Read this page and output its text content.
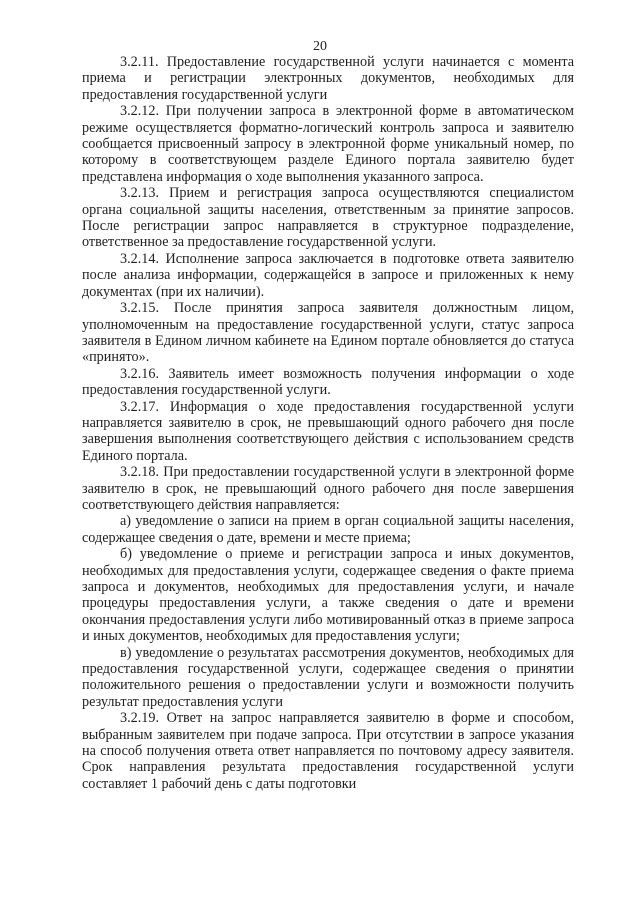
20

3.2.11. Предоставление государственной услуги начинается с момента приема и регистрации электронных документов, необходимых для предоставления государственной услуги

3.2.12. При получении запроса в электронной форме в автоматическом режиме осуществляется форматно-логический контроль запроса и заявителю сообщается присвоенный запросу в электронной форме уникальный номер, по которому в соответствующем разделе Единого портала заявителю будет представлена информация о ходе выполнения указанного запроса.

3.2.13. Прием и регистрация запроса осуществляются специалистом органа социальной защиты населения, ответственным за принятие запросов. После регистрации запрос направляется в структурное подразделение, ответственное за предоставление государственной услуги.

3.2.14. Исполнение запроса заключается в подготовке ответа заявителю после анализа информации, содержащейся в запросе и приложенных к нему документах (при их наличии).

3.2.15. После принятия запроса заявителя должностным лицом, уполномоченным на предоставление государственной услуги, статус запроса заявителя в Едином личном кабинете на Едином портале обновляется до статуса «принято».

3.2.16. Заявитель имеет возможность получения информации о ходе предоставления государственной услуги.

3.2.17. Информация о ходе предоставления государственной услуги направляется заявителю в срок, не превышающий одного рабочего дня после завершения выполнения соответствующего действия с использованием средств Единого портала.

3.2.18. При предоставлении государственной услуги в электронной форме заявителю в срок, не превышающий одного рабочего дня после завершения соответствующего действия направляется:

а) уведомление о записи на прием в орган социальной защиты населения, содержащее сведения о дате, времени и месте приема;

б) уведомление о приеме и регистрации запроса и иных документов, необходимых для предоставления услуги, содержащее сведения о факте приема запроса и документов, необходимых для предоставления услуги, и начале процедуры предоставления услуги, а также сведения о дате и времени окончания предоставления услуги либо мотивированный отказ в приеме запроса и иных документов, необходимых для предоставления услуги;

в) уведомление о результатах рассмотрения документов, необходимых для предоставления государственной услуги, содержащее сведения о принятии положительного решения о предоставлении услуги и возможности получить результат предоставления услуги

3.2.19. Ответ на запрос направляется заявителю в форме и способом, выбранным заявителем при подаче запроса. При отсутствии в запросе указания на способ получения ответа ответ направляется по почтовому адресу заявителя. Срок направления результата предоставления государственной услуги составляет 1 рабочий день с даты подготовки
